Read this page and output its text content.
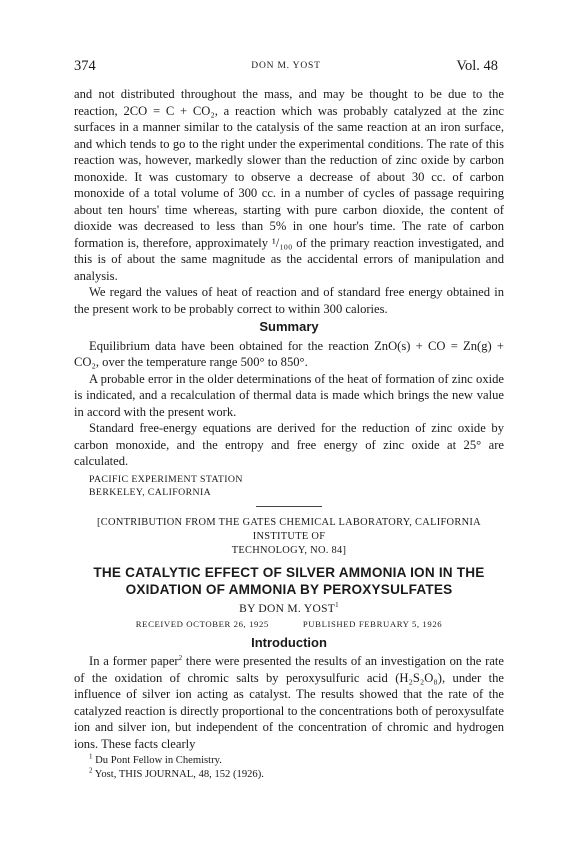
374	DON M. YOST	Vol. 48

and not distributed throughout the mass, and may be thought to be due to the reaction, 2CO = C + CO₂, a reaction which was probably catalyzed at the zinc surfaces in a manner similar to the catalysis of the same reaction at an iron surface, and which tends to go to the right under the experimental conditions. The rate of this reaction was, however, markedly slower than the reduction of zinc oxide by carbon monoxide. It was customary to observe a decrease of about 30 cc. of carbon monoxide of a total volume of 300 cc. in a number of cycles of passage requiring about ten hours' time whereas, starting with pure carbon dioxide, the content of dioxide was decreased to less than 5% in one hour's time. The rate of carbon formation is, therefore, approximately ¹/₁₀₀ of the primary reaction investigated, and this is of about the same magnitude as the accidental errors of manipulation and analysis.

We regard the values of heat of reaction and of standard free energy obtained in the present work to be probably correct to within 300 calories.

Summary

Equilibrium data have been obtained for the reaction ZnO(s) + CO = Zn(g) + CO₂, over the temperature range 500° to 850°.

A probable error in the older determinations of the heat of formation of zinc oxide is indicated, and a recalculation of thermal data is made which brings the new value in accord with the present work.

Standard free-energy equations are derived for the reduction of zinc oxide by carbon monoxide, and the entropy and free energy of zinc oxide at 25° are calculated.

PACIFIC EXPERIMENT STATION
BERKELEY, CALIFORNIA
[CONTRIBUTION FROM THE GATES CHEMICAL LABORATORY, CALIFORNIA INSTITUTE OF
TECHNOLOGY, NO. 84]
THE CATALYTIC EFFECT OF SILVER AMMONIA ION IN THE
OXIDATION OF AMMONIA BY PEROXYSULFATES
BY DON M. YOST$^1$
RECEIVED OCTOBER 26, 1925	PUBLISHED FEBRUARY 5, 1926
Introduction

In a former paper$^2$ there were presented the results of an investigation on the rate of the oxidation of chromic salts by peroxysulfuric acid (H₂S₂O₈), under the influence of silver ion acting as catalyst. The results showed that the rate of the catalyzed reaction is directly proportional to the concentrations both of peroxysulfate ion and silver ion, but independent of the concentration of chromic and hydrogen ions. These facts clearly

$^1$ Du Pont Fellow in Chemistry.
$^2$ Yost, THIS JOURNAL, 48, 152 (1926).
